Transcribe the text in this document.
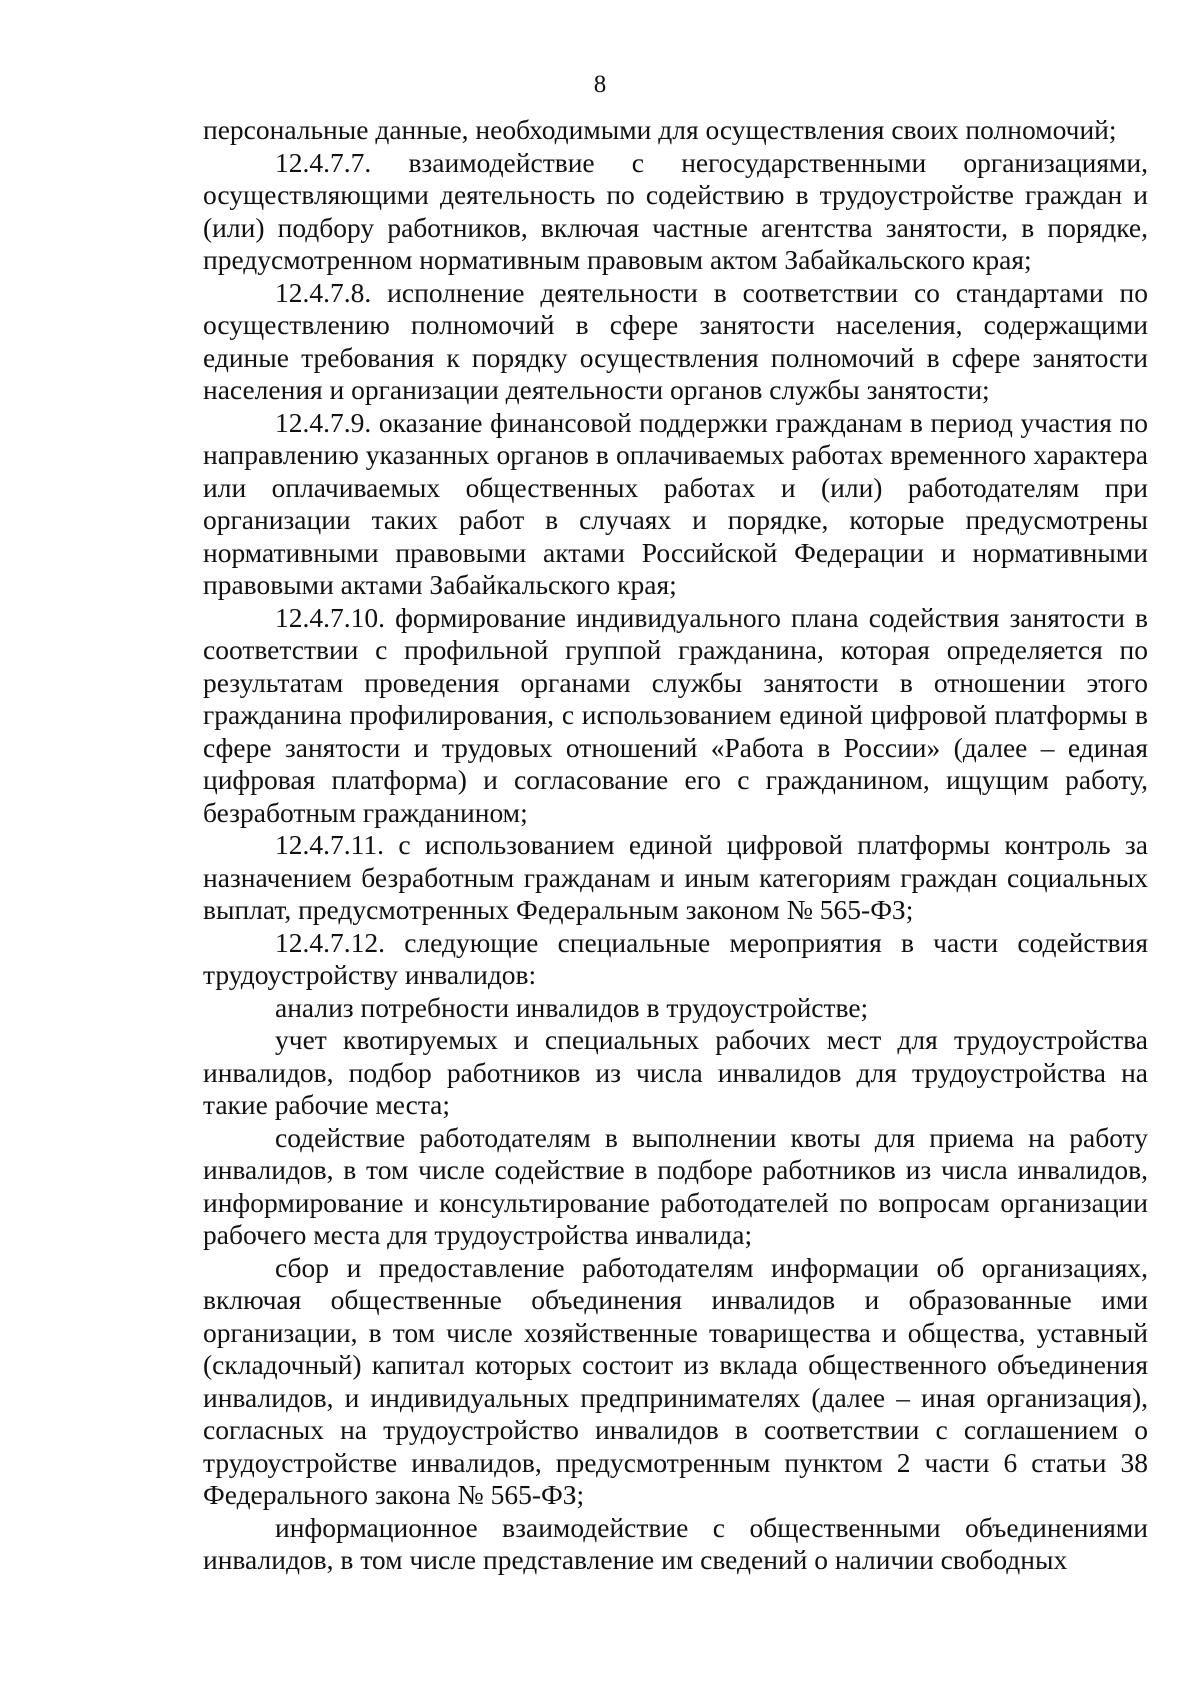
8

персональные данные, необходимыми для осуществления своих полномочий;

12.4.7.7. взаимодействие с негосударственными организациями, осуществляющими деятельность по содействию в трудоустройстве граждан и (или) подбору работников, включая частные агентства занятости, в порядке, предусмотренном нормативным правовым актом Забайкальского края;

12.4.7.8. исполнение деятельности в соответствии со стандартами по осуществлению полномочий в сфере занятости населения, содержащими единые требования к порядку осуществления полномочий в сфере занятости населения и организации деятельности органов службы занятости;

12.4.7.9. оказание финансовой поддержки гражданам в период участия по направлению указанных органов в оплачиваемых работах временного характера или оплачиваемых общественных работах и (или) работодателям при организации таких работ в случаях и порядке, которые предусмотрены нормативными правовыми актами Российской Федерации и нормативными правовыми актами Забайкальского края;

12.4.7.10. формирование индивидуального плана содействия занятости в соответствии с профильной группой гражданина, которая определяется по результатам проведения органами службы занятости в отношении этого гражданина профилирования, с использованием единой цифровой платформы в сфере занятости и трудовых отношений «Работа в России» (далее – единая цифровая платформа) и согласование его с гражданином, ищущим работу, безработным гражданином;

12.4.7.11. с использованием единой цифровой платформы контроль за назначением безработным гражданам и иным категориям граждан социальных выплат, предусмотренных Федеральным законом № 565-ФЗ;

12.4.7.12. следующие специальные мероприятия в части содействия трудоустройству инвалидов:

анализ потребности инвалидов в трудоустройстве;

учет квотируемых и специальных рабочих мест для трудоустройства инвалидов, подбор работников из числа инвалидов для трудоустройства на такие рабочие места;

содействие работодателям в выполнении квоты для приема на работу инвалидов, в том числе содействие в подборе работников из числа инвалидов, информирование и консультирование работодателей по вопросам организации рабочего места для трудоустройства инвалида;

сбор и предоставление работодателям информации об организациях, включая общественные объединения инвалидов и образованные ими организации, в том числе хозяйственные товарищества и общества, уставный (складочный) капитал которых состоит из вклада общественного объединения инвалидов, и индивидуальных предпринимателях (далее – иная организация), согласных на трудоустройство инвалидов в соответствии с соглашением о трудоустройстве инвалидов, предусмотренным пунктом 2 части 6 статьи 38 Федерального закона № 565-ФЗ;

информационное взаимодействие с общественными объединениями инвалидов, в том числе представление им сведений о наличии свободных
